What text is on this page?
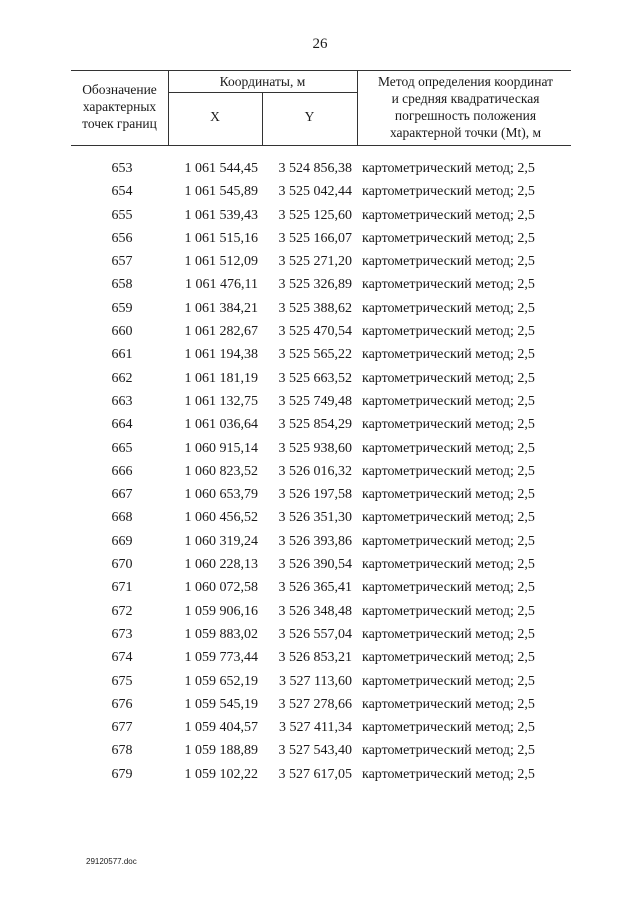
26
Обозначение
характерных
точек границ
Координаты, м
X	Y
Метод определения координат
и средняя квадратическая
погрешность положения
характерной точки (Mt), м
653	1 061 544,45	3 524 856,38 картометрический метод; 2,5
654	1 061 545,89	3 525 042,44 картометрический метод; 2,5
655	1 061 539,43	3 525 125,60 картометрический метод; 2,5
656	1 061 515,16	3 525 166,07 картометрический метод; 2,5
657	1 061 512,09	3 525 271,20 картометрический метод; 2,5
658	1 061 476,11	3 525 326,89 картометрический метод; 2,5
659	1 061 384,21	3 525 388,62 картометрический метод; 2,5
660	1 061 282,67	3 525 470,54 картометрический метод; 2,5
661	1 061 194,38	3 525 565,22 картометрический метод; 2,5
662	1 061 181,19	3 525 663,52 картометрический метод; 2,5
663	1 061 132,75	3 525 749,48 картометрический метод; 2,5
664	1 061 036,64	3 525 854,29 картометрический метод; 2,5
665	1 060 915,14	3 525 938,60 картометрический метод; 2,5
666	1 060 823,52	3 526 016,32 картометрический метод; 2,5
667	1 060 653,79	3 526 197,58 картометрический метод; 2,5
668	1 060 456,52	3 526 351,30 картометрический метод; 2,5
669	1 060 319,24	3 526 393,86 картометрический метод; 2,5
670	1 060 228,13	3 526 390,54 картометрический метод; 2,5
671	1 060 072,58	3 526 365,41 картометрический метод; 2,5
672	1 059 906,16	3 526 348,48 картометрический метод; 2,5
673	1 059 883,02	3 526 557,04 картометрический метод; 2,5
674	1 059 773,44	3 526 853,21 картометрический метод; 2,5
675	1 059 652,19	3 527 113,60 картометрический метод; 2,5
676	1 059 545,19	3 527 278,66 картометрический метод; 2,5
677	1 059 404,57	3 527 411,34 картометрический метод; 2,5
678	1 059 188,89	3 527 543,40 картометрический метод; 2,5
679	1 059 102,22	3 527 617,05 картометрический метод; 2,5
29120577.doc
